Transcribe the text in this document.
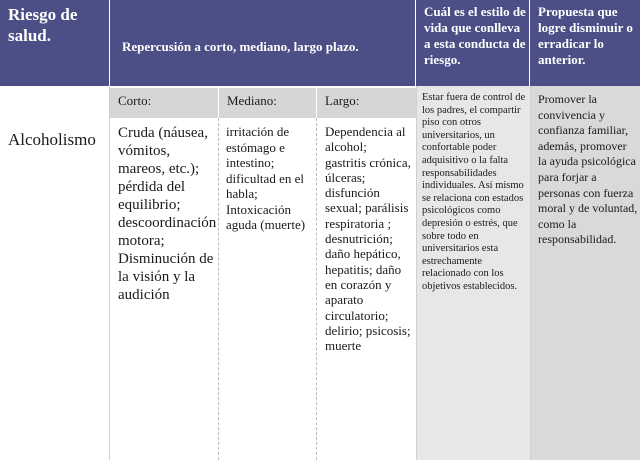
Riesgo de salud.
Repercusión a corto, mediano, largo plazo.
Cuál es el estilo de vida que conlleva a esta conducta de riesgo.
Propuesta que logre disminuir o erradicar lo anterior.
Corto:	Mediano:	Largo:
Alcoholismo Cruda (náusea, vómitos, mareos, etc.); pérdida del equilibrio; descoordinación motora; Disminución de la visión y la audición
irritación de estómago e intestino; dificultad en el habla; Intoxicación aguda (muerte)
Dependencia al alcohol; gastritis crónica, úlceras; disfunción sexual; parálisis respiratoria ; desnutrición; daño hepático, hepatitis; daño en corazón y aparato circulatorio; delirio; psicosis; muerte
Estar fuera de control de los padres, el compartir piso con otros universitarios, un confortable poder adquisitivo o la falta responsabilidades individuales. Así mismo se relaciona con estados psicológicos como depresión o estrés, que sobre todo en universitarios esta estrechamente relacionado con los objetivos establecidos.
Promover la convivencia y confianza familiar, además, promover la ayuda psicológica para forjar a personas con fuerza moral y de voluntad, como la responsabilidad.
